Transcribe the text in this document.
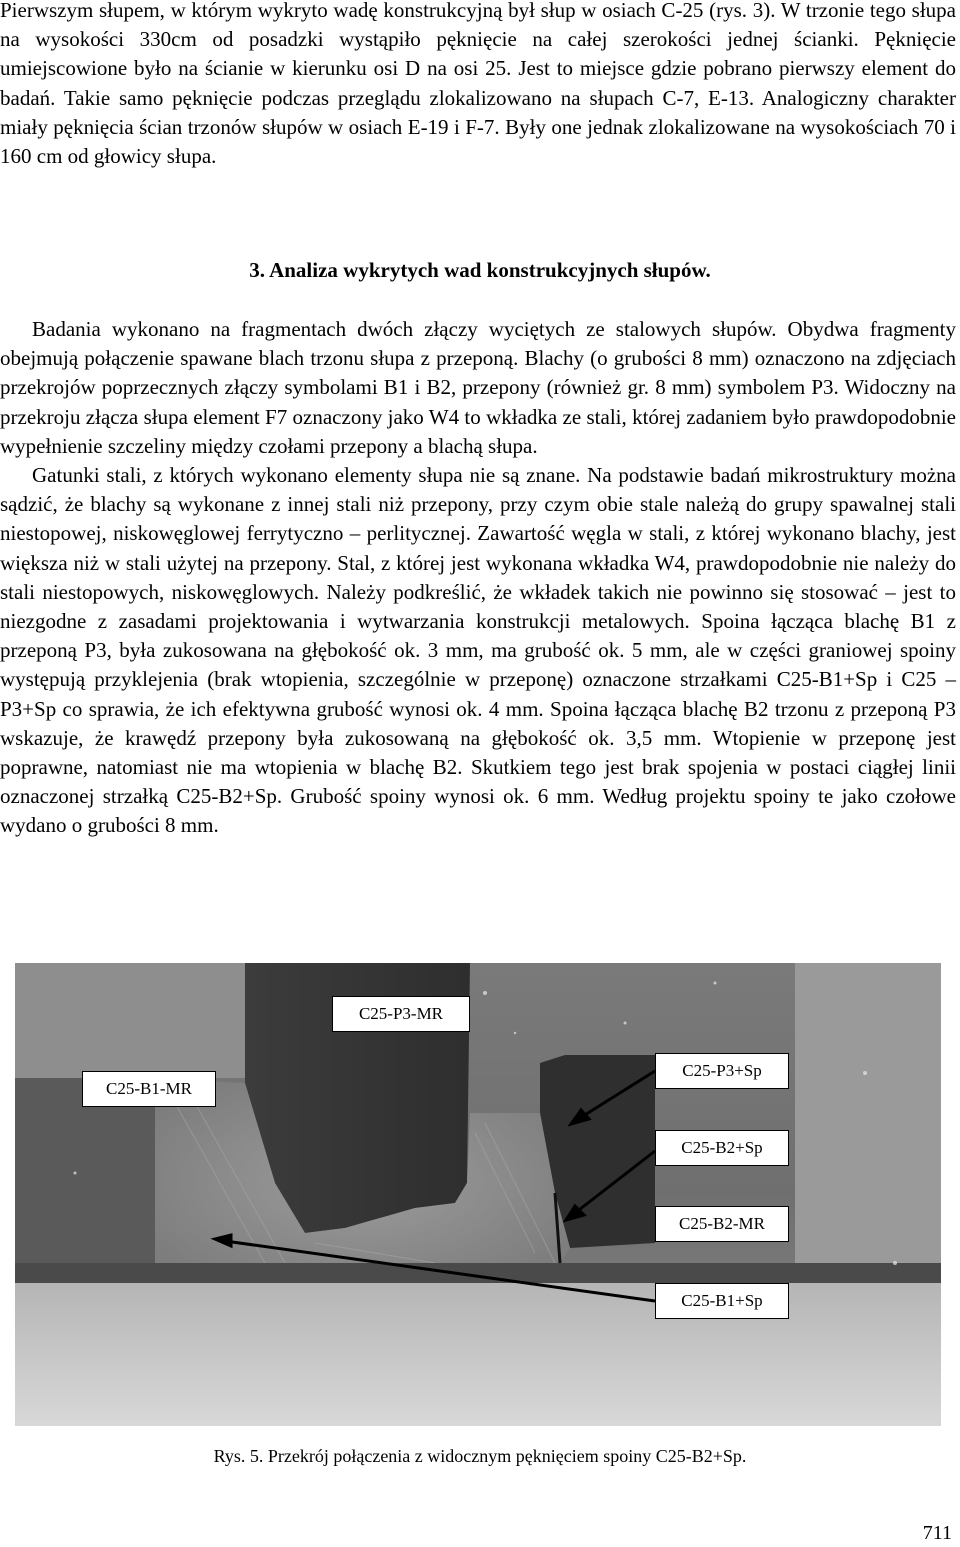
Pierwszym słupem, w którym wykryto wadę konstrukcyjną był słup w osiach C-25 (rys. 3). W trzonie tego słupa na wysokości 330cm od posadzki wystąpiło pęknięcie na całej szerokości jednej ścianki. Pęknięcie umiejscowione było na ścianie w kierunku osi D na osi 25. Jest to miejsce gdzie pobrano pierwszy element do badań. Takie samo pęknięcie podczas przeglądu zlokalizowano na słupach C-7, E-13. Analogiczny charakter miały pęknięcia ścian trzonów słupów w osiach E-19 i F-7. Były one jednak zlokalizowane na wysokościach 70 i 160 cm od głowicy słupa.

3. Analiza wykrytych wad konstrukcyjnych słupów.

Badania wykonano na fragmentach dwóch złączy wyciętych ze stalowych słupów. Obydwa fragmenty obejmują połączenie spawane blach trzonu słupa z przeponą. Blachy (o grubości 8 mm) oznaczono na zdjęciach przekrojów poprzecznych złączy symbolami B1 i B2, przepony (również gr. 8 mm) symbolem P3. Widoczny na przekroju złącza słupa element F7 oznaczony jako W4 to wkładka ze stali, której zadaniem było prawdopodobnie wypełnienie szczeliny między czołami przepony a blachą słupa.

Gatunki stali, z których wykonano elementy słupa nie są znane. Na podstawie badań mikrostruktury można sądzić, że blachy są wykonane z innej stali niż przepony, przy czym obie stale należą do grupy spawalnej stali niestopowej, niskowęglowej ferrytyczno – perlitycznej. Zawartość węgla w stali, z której wykonano blachy, jest większa niż w stali użytej na przepony. Stal, z której jest wykonana wkładka W4, prawdopodobnie nie należy do stali niestopowych, niskowęglowych. Należy podkreślić, że wkładek takich nie powinno się stosować – jest to niezgodne z zasadami projektowania i wytwarzania konstrukcji metalowych. Spoina łącząca blachę B1 z przeponą P3, była zukosowana na głębokość ok. 3 mm, ma grubość ok. 5 mm, ale w części graniowej spoiny występują przyklejenia (brak wtopienia, szczególnie w przeponę) oznaczone strzałkami C25-B1+Sp i C25 –P3+Sp co sprawia, że ich efektywna grubość wynosi ok. 4 mm. Spoina łącząca blachę B2 trzonu z przeponą P3 wskazuje, że krawędź przepony była zukosowaną na głębokość ok. 3,5 mm. Wtopienie w przeponę jest poprawne, natomiast nie ma wtopienia w blachę B2. Skutkiem tego jest brak spojenia w postaci ciągłej linii oznaczonej strzałką C25-B2+Sp. Grubość spoiny wynosi ok. 6 mm. Według projektu spoiny te jako czołowe wydano o grubości 8 mm.

C25-P3-MR
C25-B1-MR
C25-P3+Sp
C25-B2+Sp
C25-B2-MR
C25-B1+Sp

Rys. 5. Przekrój połączenia z widocznym pęknięciem spoiny C25-B2+Sp.

711
